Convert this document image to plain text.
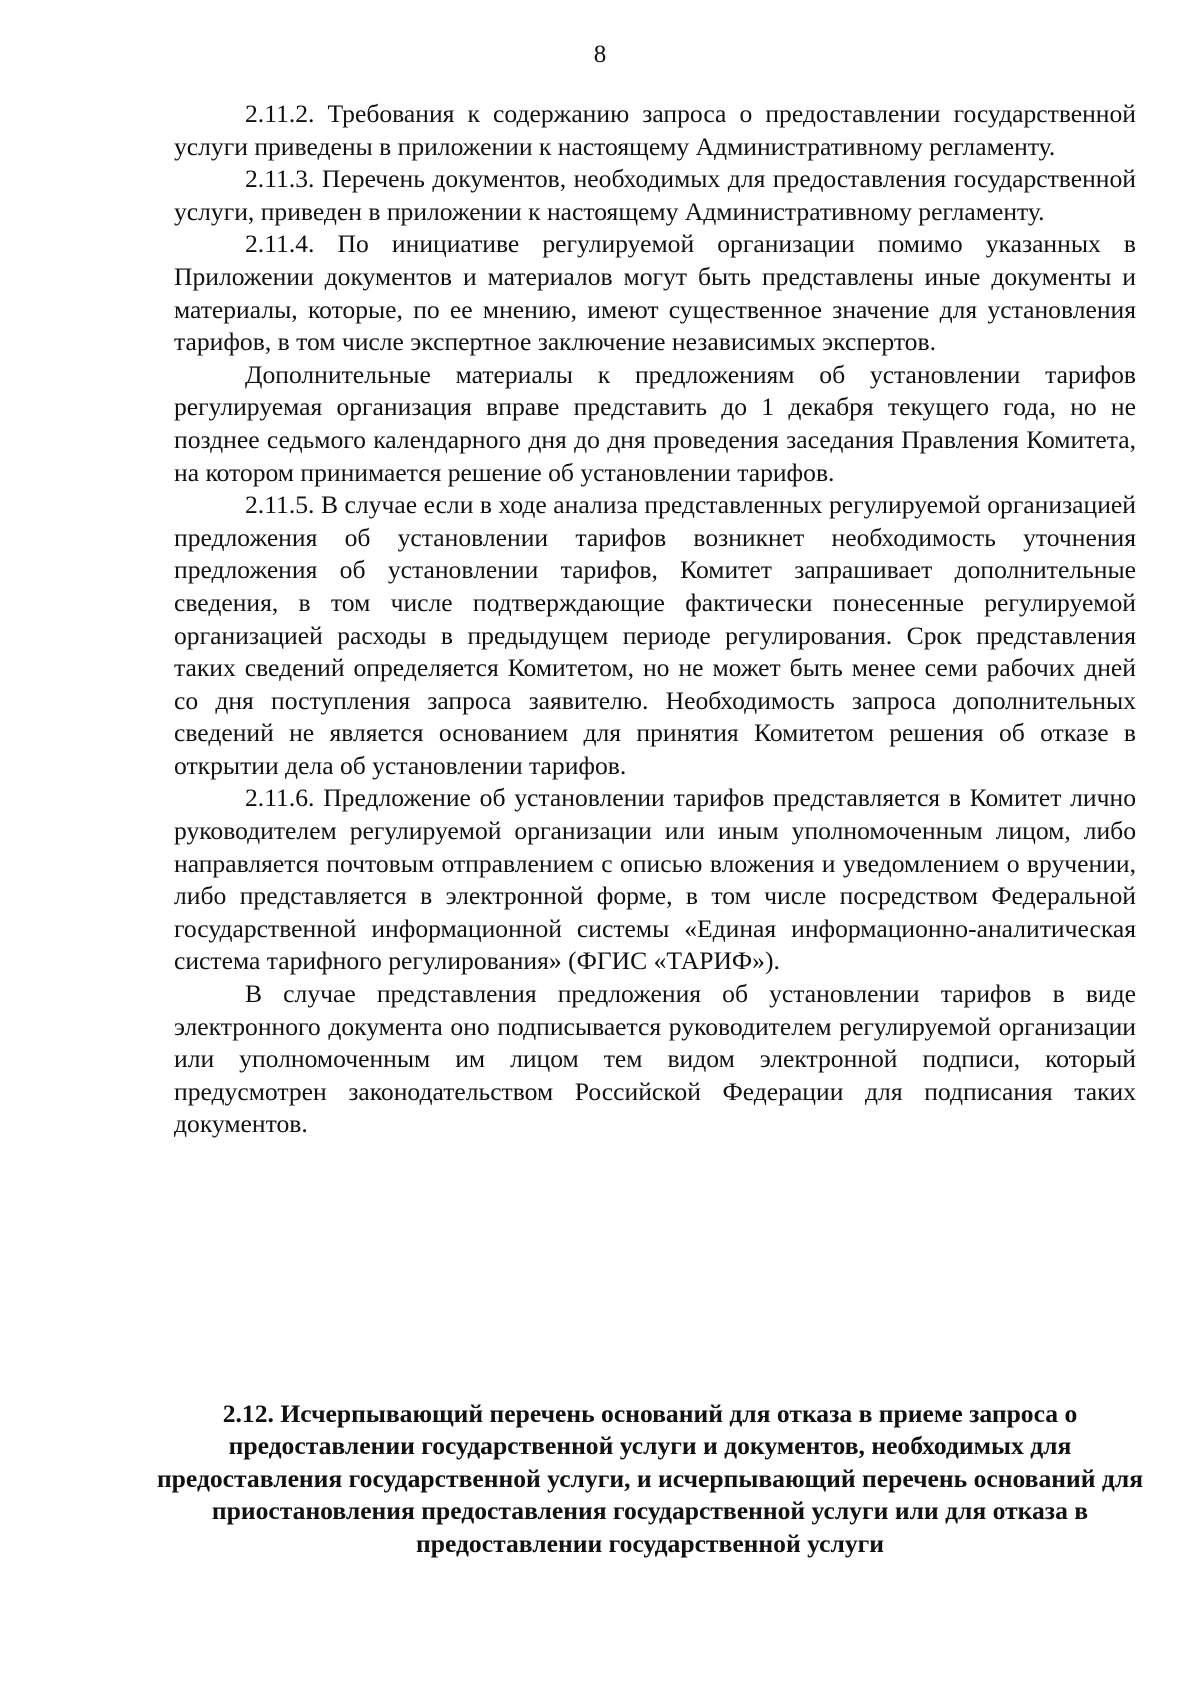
8

2.11.2. Требования к содержанию запроса о предоставлении государственной услуги приведены в приложении к настоящему Административному регламенту.

2.11.3. Перечень документов, необходимых для предоставления государственной услуги, приведен в приложении к настоящему Административному регламенту.

2.11.4. По инициативе регулируемой организации помимо указанных в Приложении документов и материалов могут быть представлены иные документы и материалы, которые, по ее мнению, имеют существенное значение для установления тарифов, в том числе экспертное заключение независимых экспертов.

Дополнительные материалы к предложениям об установлении тарифов регулируемая организация вправе представить до 1 декабря текущего года, но не позднее седьмого календарного дня до дня проведения заседания Правления Комитета, на котором принимается решение об установлении тарифов.

2.11.5. В случае если в ходе анализа представленных регулируемой организацией предложения об установлении тарифов возникнет необходимость уточнения предложения об установлении тарифов, Комитет запрашивает дополнительные сведения, в том числе подтверждающие фактически понесенные регулируемой организацией расходы в предыдущем периоде регулирования. Срок представления таких сведений определяется Комитетом, но не может быть менее семи рабочих дней со дня поступления запроса заявителю. Необходимость запроса дополнительных сведений не является основанием для принятия Комитетом решения об отказе в открытии дела об установлении тарифов.

2.11.6. Предложение об установлении тарифов представляется в Комитет лично руководителем регулируемой организации или иным уполномоченным лицом, либо направляется почтовым отправлением с описью вложения и уведомлением о вручении, либо представляется в электронной форме, в том числе посредством Федеральной государственной информационной системы «Единая информационно-аналитическая система тарифного регулирования» (ФГИС «ТАРИФ»).

В случае представления предложения об установлении тарифов в виде электронного документа оно подписывается руководителем регулируемой организации или уполномоченным им лицом тем видом электронной подписи, который предусмотрен законодательством Российской Федерации для подписания таких документов.

2.12. Исчерпывающий перечень оснований для отказа в приеме запроса о предоставлении государственной услуги и документов, необходимых для предоставления государственной услуги, и исчерпывающий перечень оснований для приостановления предоставления государственной услуги или для отказа в предоставлении государственной услуги
